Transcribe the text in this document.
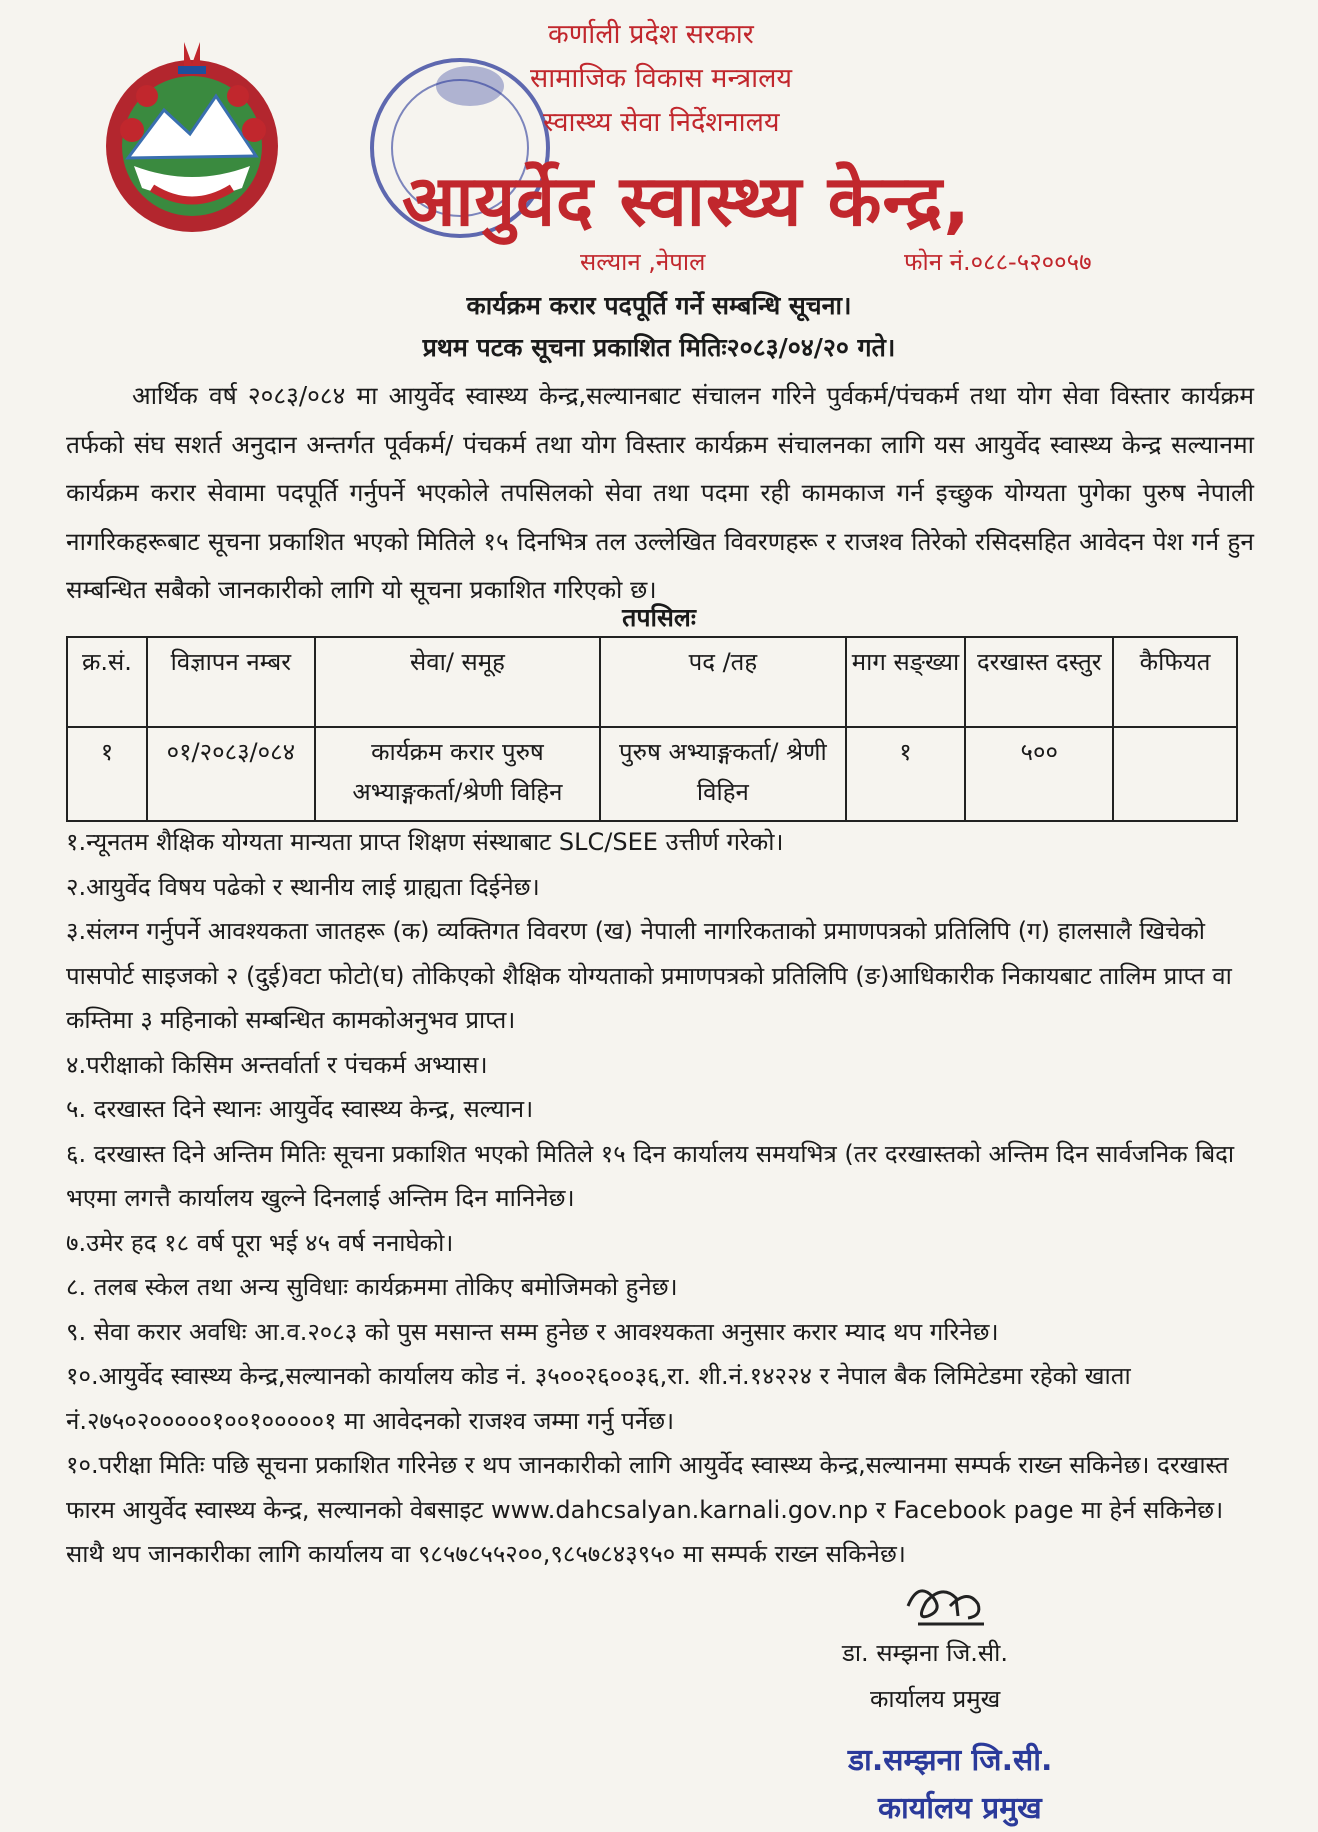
कर्णाली प्रदेश सरकार
सामाजिक विकास मन्त्रालय
स्वास्थ्य सेवा निर्देशनालय
आयुर्वेद स्वास्थ्य केन्द्र,
सल्यान ,नेपाल	फोन नं.०८८-५२००५७
कार्यक्रम करार पदपूर्ति गर्ने सम्बन्धि सूचना।
प्रथम पटक सूचना प्रकाशित मितिः२०८३/०४/२० गते।
आर्थिक वर्ष २०८३/०८४ मा आयुर्वेद स्वास्थ्य केन्द्र,सल्यानबाट संचालन गरिने पुर्वकर्म/पंचकर्म तथा योग सेवा विस्तार कार्यक्रम तर्फको संघ सशर्त अनुदान अन्तर्गत पूर्वकर्म/ पंचकर्म तथा योग विस्तार कार्यक्रम संचालनका लागि यस आयुर्वेद स्वास्थ्य केन्द्र सल्यानमा कार्यक्रम करार सेवामा पदपूर्ति गर्नुपर्ने भएकोले तपसिलको सेवा तथा पदमा रही कामकाज गर्न इच्छुक योग्यता पुगेका पुरुष नेपाली नागरिकहरूबाट सूचना प्रकाशित भएको मितिले १५ दिनभित्र तल उल्लेखित विवरणहरू र राजश्व तिरेको रसिदसहित आवेदन पेश गर्न हुन सम्बन्धित सबैको जानकारीको लागि यो सूचना प्रकाशित गरिएको छ।
तपसिलः
क्र.सं.	विज्ञापन नम्बर	सेवा/ समूह	पद /तह	माग सङ्ख्या	दरखास्त दस्तुर	कैफियत
१	०१/२०८३/०८४	कार्यक्रम करार पुरुष अभ्याङ्गकर्ता/श्रेणी विहिन	पुरुष अभ्याङ्गकर्ता/ श्रेणी विहिन	१	५००	
१.न्यूनतम शैक्षिक योग्यता मान्यता प्राप्त शिक्षण संस्थाबाट SLC/SEE उत्तीर्ण गरेको।
२.आयुर्वेद विषय पढेको र स्थानीय लाई ग्राह्यता दिईनेछ।
३.संलग्न गर्नुपर्ने आवश्यकता जातहरू (क) व्यक्तिगत विवरण (ख) नेपाली नागरिकताको प्रमाणपत्रको प्रतिलिपि (ग) हालसालै खिचेको पासपोर्ट साइजको २ (दुई)वटा फोटो(घ) तोकिएको शैक्षिक योग्यताको प्रमाणपत्रको प्रतिलिपि (ङ)आधिकारीक निकायबाट तालिम प्राप्त वा कम्तिमा ३ महिनाको सम्बन्धित कामकोअनुभव प्राप्त।
४.परीक्षाको किसिम अन्तर्वार्ता र पंचकर्म अभ्यास।
५. दरखास्त दिने स्थानः आयुर्वेद स्वास्थ्य केन्द्र, सल्यान।
६. दरखास्त दिने अन्तिम मितिः सूचना प्रकाशित भएको मितिले १५ दिन कार्यालय समयभित्र (तर दरखास्तको अन्तिम दिन सार्वजनिक बिदा भएमा लगत्तै कार्यालय खुल्ने दिनलाई अन्तिम दिन मानिनेछ।
७.उमेर हद १८ वर्ष पूरा भई ४५ वर्ष ननाघेको।
८. तलब स्केल तथा अन्य सुविधाः कार्यक्रममा तोकिए बमोजिमको हुनेछ।
९. सेवा करार अवधिः आ.व.२०८३ को पुस मसान्त सम्म हुनेछ र आवश्यकता अनुसार करार म्याद थप गरिनेछ।
१०.आयुर्वेद स्वास्थ्य केन्द्र,सल्यानको कार्यालय कोड नं. ३५००२६००३६,रा. शी.नं.१४२२४ र नेपाल बैक लिमिटेडमा रहेको खाता नं.२७५०२०००००१००१०००००१ मा आवेदनको राजश्व जम्मा गर्नु पर्नेछ।
१०.परीक्षा मितिः पछि सूचना प्रकाशित गरिनेछ र थप जानकारीको लागि आयुर्वेद स्वास्थ्य केन्द्र,सल्यानमा सम्पर्क राख्न सकिनेछ। दरखास्त फारम आयुर्वेद स्वास्थ्य केन्द्र, सल्यानको वेबसाइट www.dahcsalyan.karnali.gov.np र Facebook page मा हेर्न सकिनेछ। साथै थप जानकारीका लागि कार्यालय वा ९८५७८५५२००,९८५७८४३९५० मा सम्पर्क राख्न सकिनेछ।
डा. सम्झना जि.सी.
कार्यालय प्रमुख
डा.सम्झना जि.सी.
कार्यालय प्रमुख
